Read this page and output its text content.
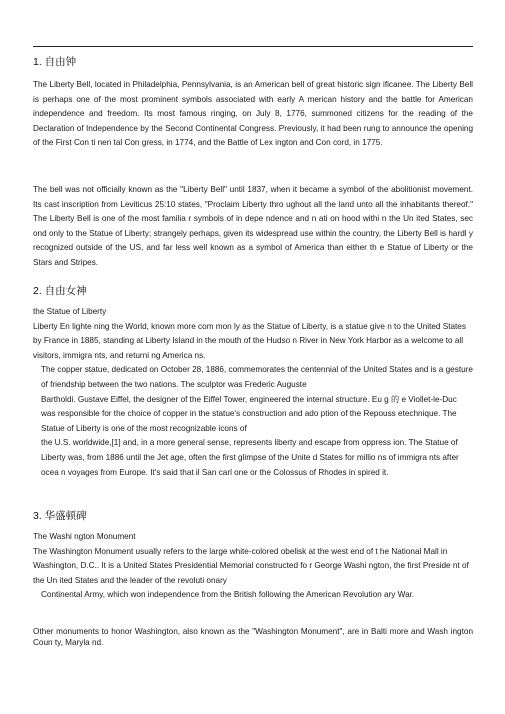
1. 自由钟

The Liberty Bell, located in Philadelphia, Pennsylvania, is an American bell of great historic sign ificanee. The Liberty Bell is perhaps one of the most prominent symbols associated with early A merican history and the battle for American independence and freedom. Its most famous ringing, on July 8, 1776, summoned citizens for the reading of the Declaration of Independence by the Second Continental Congress. Previously, it had been rung to announce the opening of the First Con ti nen tal Con gress, in 1774, and the Battle of Lex ington and Con cord, in 1775.

The bell was not officially known as the "Liberty Bell" until 1837, when it became a symbol of the abolitionist movement. Its cast inscription from Leviticus 25:10 states, "Proclaim Liberty thro ughout all the land unto all the inhabitants thereof." The Liberty Bell is one of the most familia r symbols of in depe ndence and n ati on hood withi n the Un ited States, sec ond only to the Statue of Liberty; strangely perhaps, given its widespread use within the country, the Liberty Bell is hardl y recognized outside of the US, and far less well known as a symbol of America than either th e Statue of Liberty or the Stars and Stripes.

2. 自由女神
the Statue of Liberty
Liberty En lighte ning the World, known more com mon ly as the Statue of Liberty, is a statue give n to the United States by France in 1885, standing at Liberty Island in the mouth of the Hudso n River in New York Harbor as a welcome to all visitors, immigra nts, and returni ng America ns.
The copper statue, dedicated on October 28, 1886, commemorates the centennial of the United States and is a gesture of friendship between the two nations. The sculptor was Frederic Auguste
Bartholdi. Gustave Eiffel, the designer of the Eiffel Tower, engineered the internal structure. Eu g 的 e Viollet-le-Duc was responsible for the choice of copper in the statue's construction and ado ption of the Repouss etechnique. The Statue of Liberty is one of the most recognizable icons of
the U.S. worldwide,[1] and, in a more general sense, represents liberty and escape from oppress ion. The Statue of Liberty was, from 1886 until the Jet age, often the first glimpse of the Unite d States for millio ns of immigra nts after ocea n voyages from Europe. It's said that il San carl one or the Colossus of Rhodes in spired it.
3. 华盛顿碑
The Washi ngton Monument
The Washington Monument usually refers to the large white-colored obelisk at the west end of t he National Mall in Washington, D.C.. It is a United States Presidential Memorial constructed fo r George Washi ngton, the first Preside nt of the Un ited States and the leader of the revoluti onary
Continental Army, which won independence from the British following the American Revolution ary War.

Other monuments to honor Washington, also known as the "Washington Monument", are in Balti more and Wash ington Coun ty, Maryla nd.
